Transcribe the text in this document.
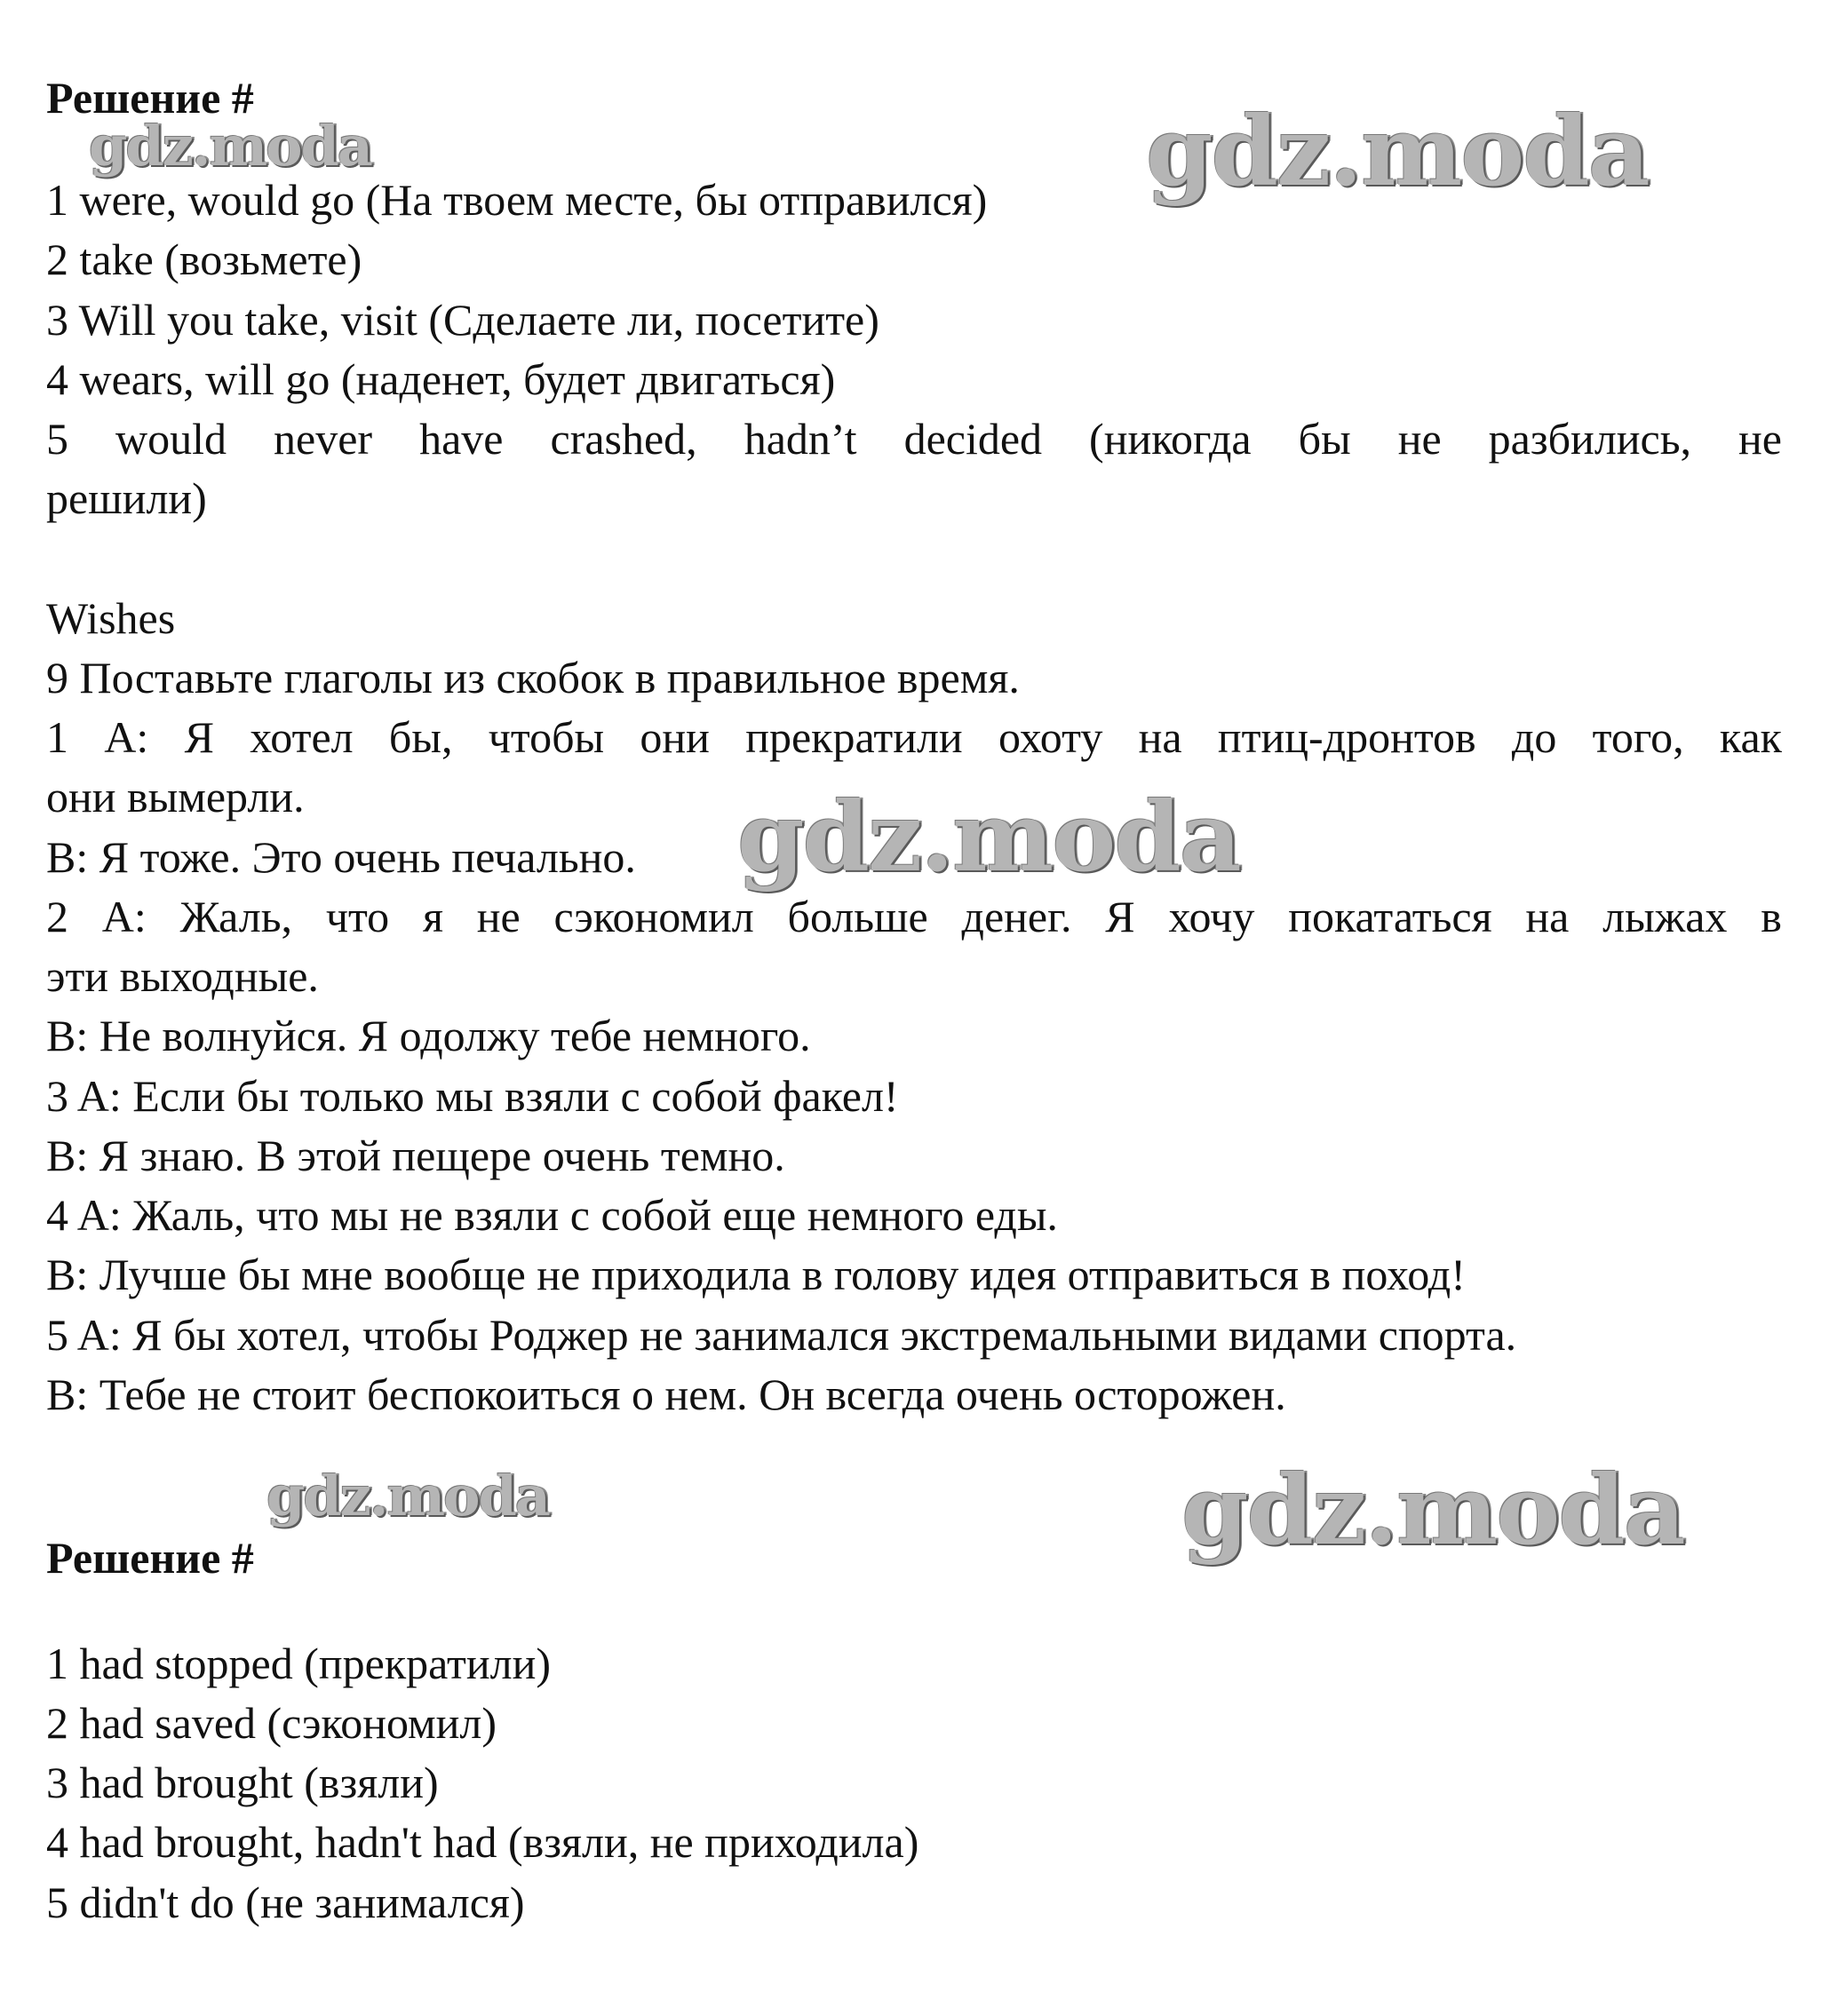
Решение #
1 were, would go (На твоем месте, бы отправился)
2 take (возьмете)
3 Will you take, visit (Сделаете ли, посетите)
4 wears, will go (наденет, будет двигаться)
5 would never have crashed, hadn’t decided (никогда бы не разбились, не
решили)
Wishes
9 Поставьте глаголы из скобок в правильное время.
1 A: Я хотел бы, чтобы они прекратили охоту на птиц-дронтов до того, как
они вымерли.
B: Я тоже. Это очень печально.
2 A: Жаль, что я не сэкономил больше денег. Я хочу покататься на лыжах в
эти выходные.
B: Не волнуйся. Я одолжу тебе немного.
3 A: Если бы только мы взяли с собой факел!
B: Я знаю. В этой пещере очень темно.
4 A: Жаль, что мы не взяли с собой еще немного еды.
B: Лучше бы мне вообще не приходила в голову идея отправиться в поход!
5 A: Я бы хотел, чтобы Роджер не занимался экстремальными видами спорта.
B: Тебе не стоит беспокоиться о нем. Он всегда очень осторожен.
Решение #
1 had stopped (прекратили)
2 had saved (сэкономил)
3 had brought (взяли)
4 had brought, hadn't had (взяли, не приходила)
5 didn't do (не занимался)
gdz.moda	gdz.moda
gdz.moda
gdz.moda	gdz.moda
